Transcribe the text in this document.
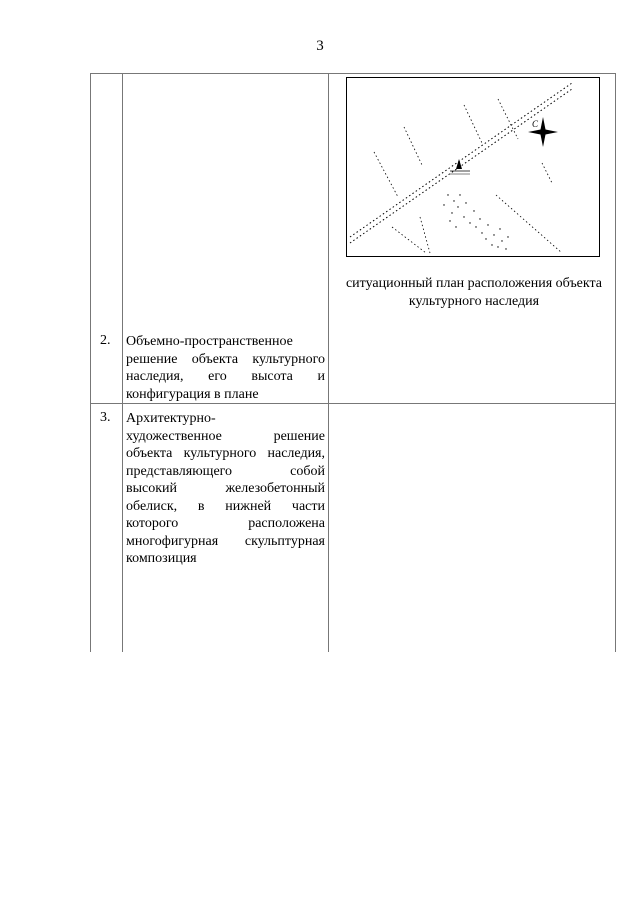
3
2. Объемно-пространственное
решение объекта культурного
наследия, его высота и
конфигурация в плане
3. Архитектурно-
художественное решение
объекта культурного наследия,
представляющего собой
высокий железобетонный
обелиск, в нижней части
которого расположена
многофигурная скульптурная
композиция
С
ситуационный план расположения объекта культурного наследия
